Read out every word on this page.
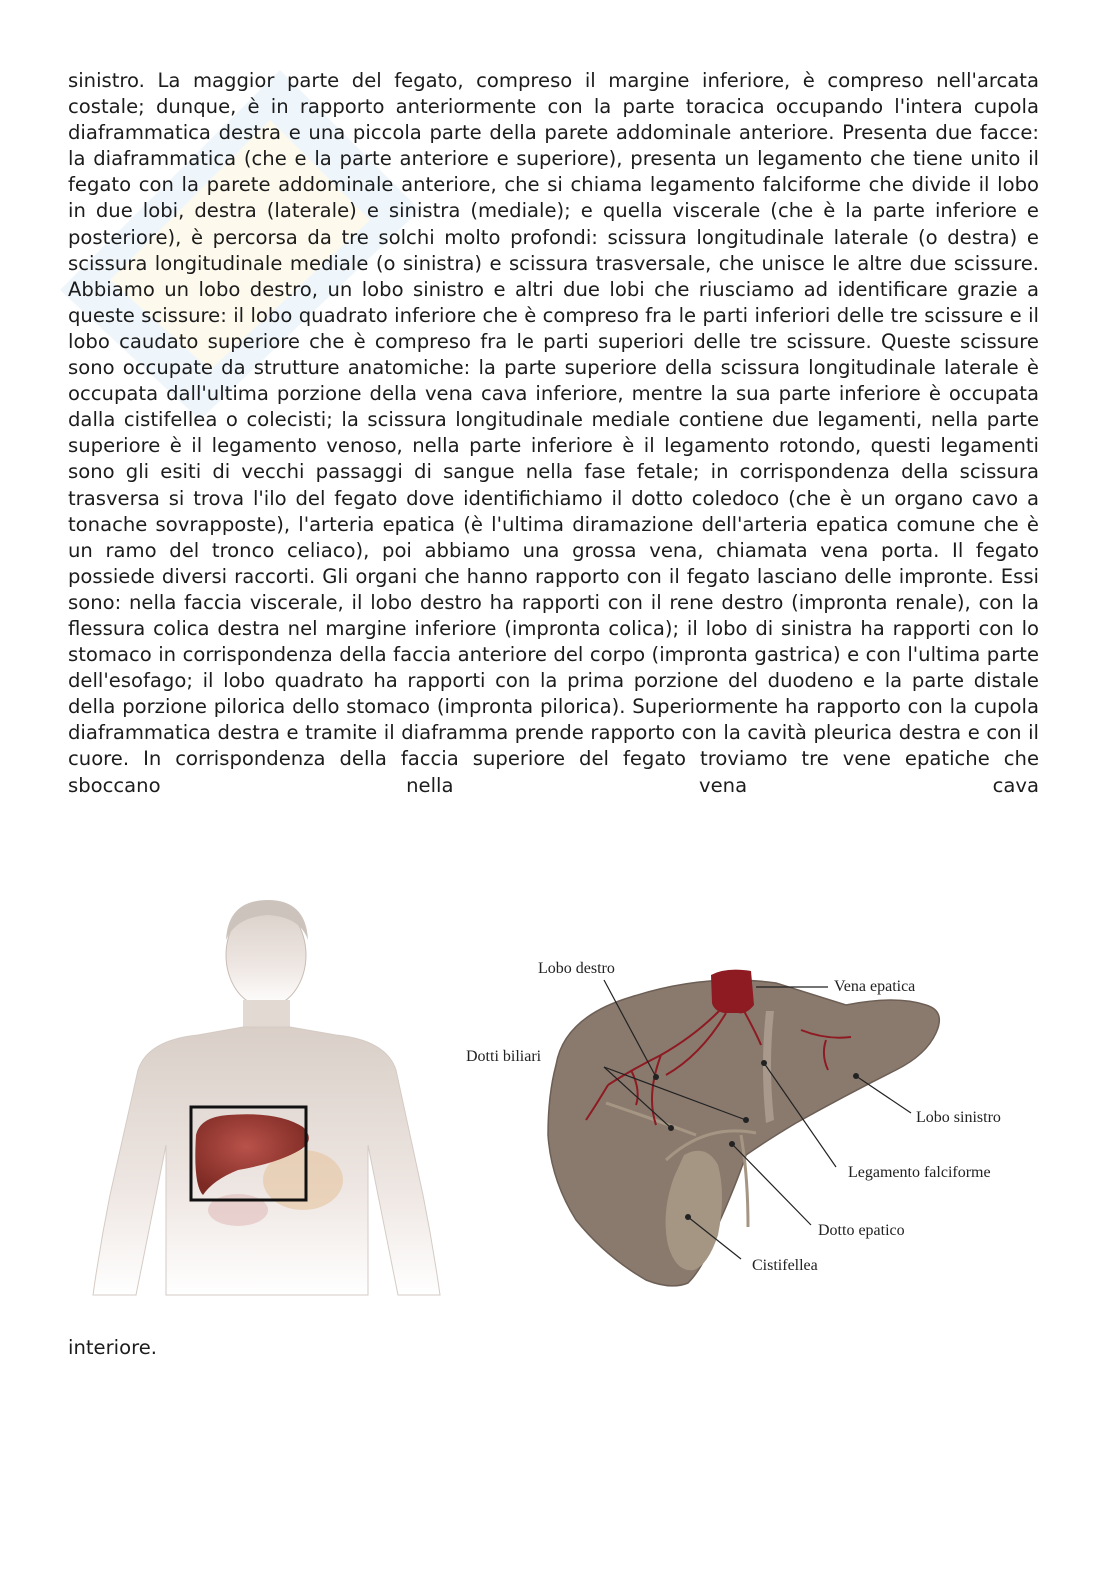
sinistro. La maggior parte del fegato, compreso il margine inferiore, è compreso nell'arcata costale; dunque, è in rapporto anteriormente con la parte toracica occupando l'intera cupola diaframmatica destra e una piccola parte della parete addominale anteriore. Presenta due facce: la diaframmatica (che e la parte anteriore e superiore), presenta un legamento che tiene unito il fegato con la parete addominale anteriore, che si chiama legamento falciforme che divide il lobo in due lobi, destra (laterale) e sinistra (mediale); e quella viscerale (che è la parte inferiore e posteriore), è percorsa da tre solchi molto profondi: scissura longitudinale laterale (o destra) e scissura longitudinale mediale (o sinistra) e scissura trasversale, che unisce le altre due scissure. Abbiamo un lobo destro, un lobo sinistro e altri due lobi che riusciamo ad identificare grazie a queste scissure: il lobo quadrato inferiore che è compreso fra le parti inferiori delle tre scissure e il lobo caudato superiore che è compreso fra le parti superiori delle tre scissure. Queste scissure sono occupate da strutture anatomiche: la parte superiore della scissura longitudinale laterale è occupata dall'ultima porzione della vena cava inferiore, mentre la sua parte inferiore è occupata dalla cistifellea o colecisti; la scissura longitudinale mediale contiene due legamenti, nella parte superiore è il legamento venoso, nella parte inferiore è il legamento rotondo, questi legamenti sono gli esiti di vecchi passaggi di sangue nella fase fetale; in corrispondenza della scissura trasversa si trova l'ilo del fegato dove identifichiamo il dotto coledoco (che è un organo cavo a tonache sovrapposte), l'arteria epatica (è l'ultima diramazione dell'arteria epatica comune che è un ramo del tronco celiaco), poi abbiamo una grossa vena, chiamata vena porta. Il fegato possiede diversi raccorti. Gli organi che hanno rapporto con il fegato lasciano delle impronte. Essi sono: nella faccia viscerale, il lobo destro ha rapporti con il rene destro (impronta renale), con la flessura colica destra nel margine inferiore (impronta colica); il lobo di sinistra ha rapporti con lo stomaco in corrispondenza della faccia anteriore del corpo (impronta gastrica) e con l'ultima parte dell'esofago; il lobo quadrato ha rapporti con la prima porzione del duodeno e la parte distale della porzione pilorica dello stomaco (impronta pilorica). Superiormente ha rapporto con la cupola diaframmatica destra e tramite il diaframma prende rapporto con la cavità pleurica destra e con il cuore. In corrispondenza della faccia superiore del fegato troviamo tre vene epatiche che sboccano nella vena cava

Lobo destro
Vena epatica
Dotti biliari
Lobo sinistro
Legamento falciforme
Dotto epatico
Cistifellea

interiore.
